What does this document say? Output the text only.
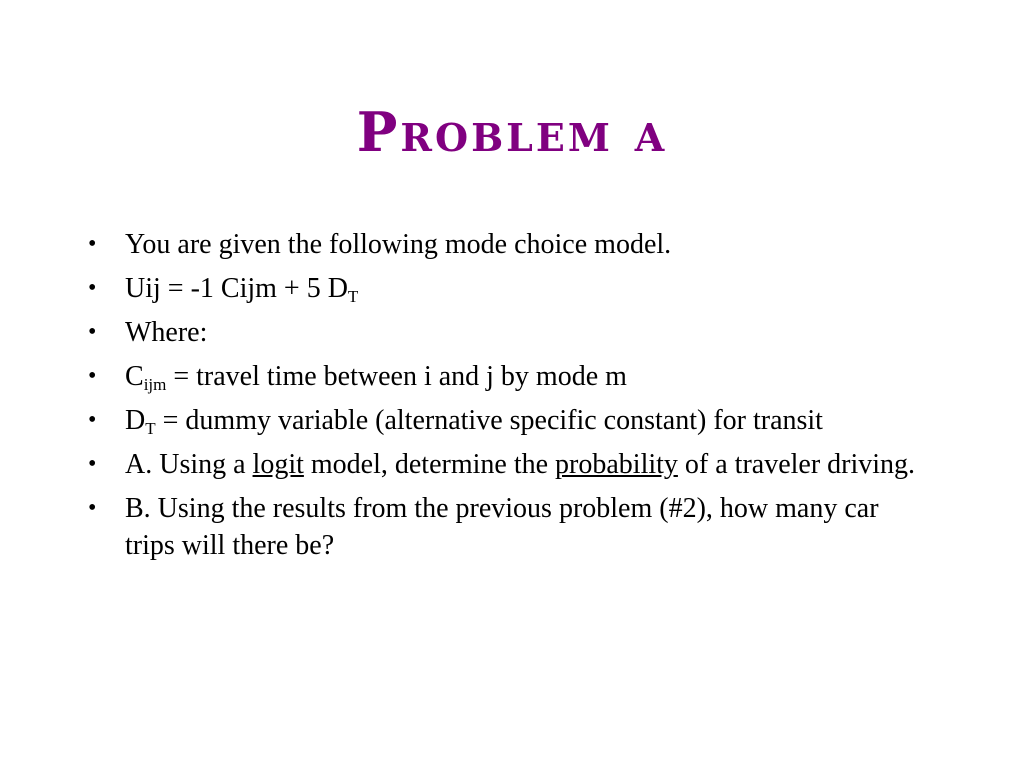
Problem a
• You are given the following mode choice model.
• Uij = -1 Cijm + 5 $D_T$
• Where:
• $C_{ijm}$ = travel time between i and j by mode m
• $D_T$ = dummy variable (alternative specific constant) for transit
• A. Using a logit model, determine the probability of a traveler driving.
• B. Using the results from the previous problem (#2), how many car trips will there be?
